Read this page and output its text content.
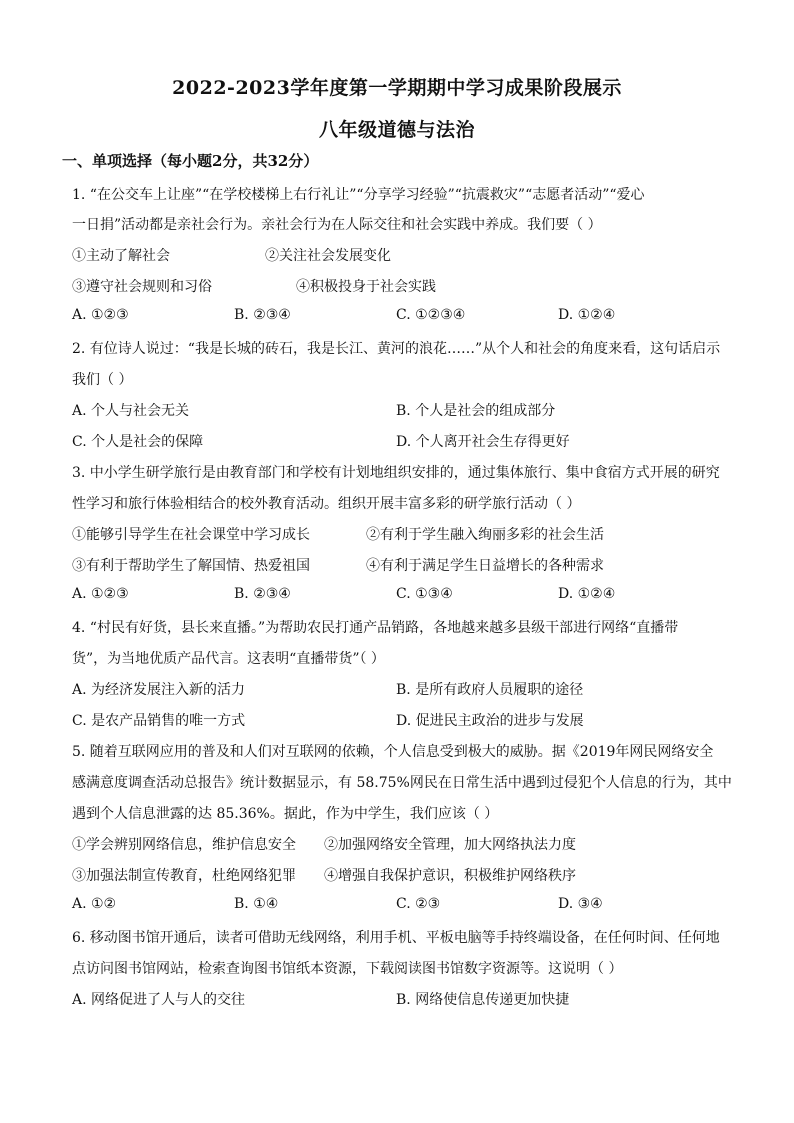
2022-2023学年度第一学期期中学习成果阶段展示
八年级道德与法治
一、单项选择（每小题2分，共32分）
1. “在公交车上让座”“在学校楼梯上右行礼让”“分享学习经验”“抗震救灾”“志愿者活动”“爱心
一日捐”活动都是亲社会行为。亲社会行为在人际交往和社会实践中养成。我们要（ ）
①主动了解社会	②关注社会发展变化
③遵守社会规则和习俗	④积极投身于社会实践
A. ①②③	B. ②③④	C. ①②③④	D. ①②④
2. 有位诗人说过：“我是长城的砖石，我是长江、黄河的浪花……”从个人和社会的角度来看，这句话启示
我们（ ）
A. 个人与社会无关	B. 个人是社会的组成部分
C. 个人是社会的保障	D. 个人离开社会生存得更好
3. 中小学生研学旅行是由教育部门和学校有计划地组织安排的，通过集体旅行、集中食宿方式开展的研究
性学习和旅行体验相结合的校外教育活动。组织开展丰富多彩的研学旅行活动（ ）
①能够引导学生在社会课堂中学习成长	②有利于学生融入绚丽多彩的社会生活
③有利于帮助学生了解国情、热爱祖国	④有利于满足学生日益增长的各种需求
A. ①②③	B. ②③④	C. ①③④	D. ①②④
4. “村民有好货，县长来直播。”为帮助农民打通产品销路，各地越来越多县级干部进行网络“直播带
货”，为当地优质产品代言。这表明“直播带货”（ ）
A. 为经济发展注入新的活力	B. 是所有政府人员履职的途径
C. 是农产品销售的唯一方式	D. 促进民主政治的进步与发展
5. 随着互联网应用的普及和人们对互联网的依赖，个人信息受到极大的威胁。据《2019年网民网络安全
感满意度调查活动总报告》统计数据显示，有 58.75%网民在日常生活中遇到过侵犯个人信息的行为，其中
遇到个人信息泄露的达 85.36%。据此，作为中学生，我们应该（ ）
①学会辨别网络信息，维护信息安全 ②加强网络安全管理，加大网络执法力度
③加强法制宣传教育，杜绝网络犯罪 ④增强自我保护意识，积极维护网络秩序
A. ①②	B. ①④	C. ②③	D. ③④
6. 移动图书馆开通后，读者可借助无线网络，利用手机、平板电脑等手持终端设备，在任何时间、任何地
点访问图书馆网站，检索查询图书馆纸本资源，下载阅读图书馆数字资源等。这说明（ ）
A. 网络促进了人与人的交往	B. 网络使信息传递更加快捷
